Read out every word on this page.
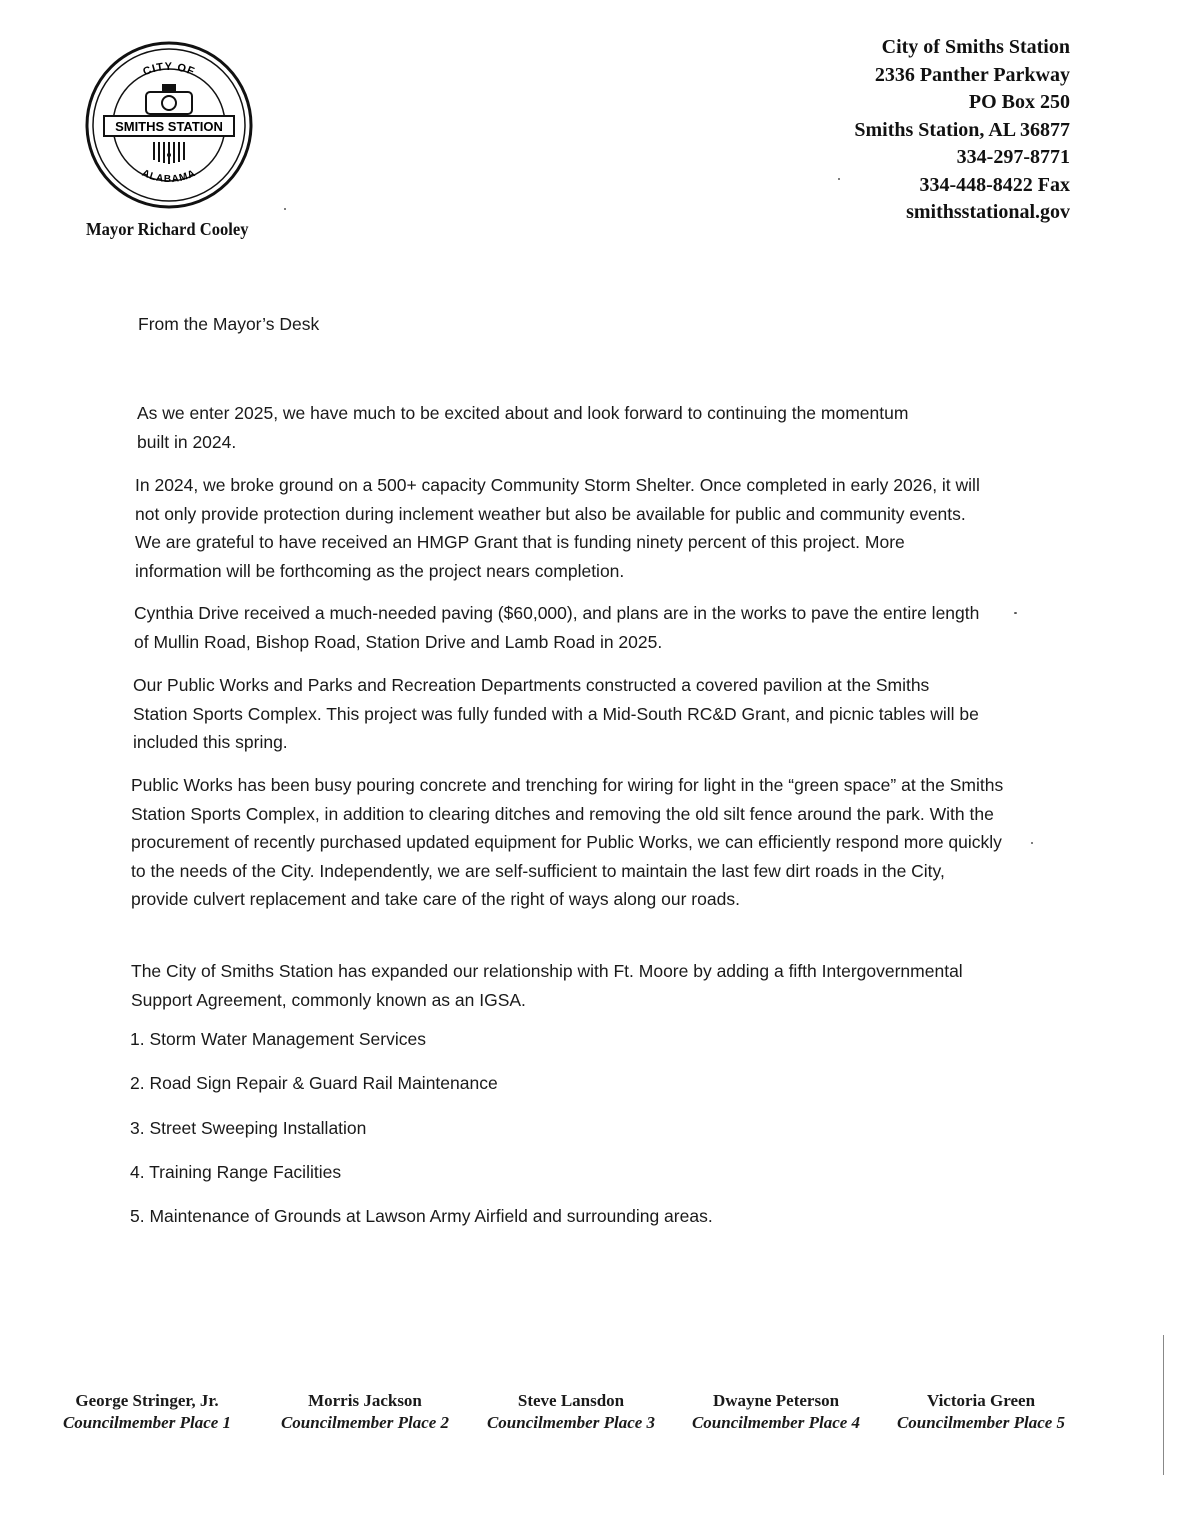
CITY OF
ALABAMA
SMITHS STATION
Mayor Richard Cooley
City of Smiths Station
2336 Panther Parkway
PO Box 250
Smiths Station, AL 36877
334-297-8771
334-448-8422 Fax
smithsstational.gov
From the Mayor’s Desk
As we enter 2025, we have much to be excited about and look forward to continuing the momentum built in 2024.
In 2024, we broke ground on a 500+ capacity Community Storm Shelter. Once completed in early 2026, it will not only provide protection during inclement weather but also be available for public and community events. We are grateful to have received an HMGP Grant that is funding ninety percent of this project. More information will be forthcoming as the project nears completion.
Cynthia Drive received a much-needed paving ($60,000), and plans are in the works to pave the entire length of Mullin Road, Bishop Road, Station Drive and Lamb Road in 2025.
Our Public Works and Parks and Recreation Departments constructed a covered pavilion at the Smiths Station Sports Complex. This project was fully funded with a Mid-South RC&D Grant, and picnic tables will be included this spring.
Public Works has been busy pouring concrete and trenching for wiring for light in the “green space” at the Smiths Station Sports Complex, in addition to clearing ditches and removing the old silt fence around the park. With the procurement of recently purchased updated equipment for Public Works, we can efficiently respond more quickly to the needs of the City. Independently, we are self-sufficient to maintain the last few dirt roads in the City, provide culvert replacement and take care of the right of ways along our roads.
The City of Smiths Station has expanded our relationship with Ft. Moore by adding a fifth Intergovernmental Support Agreement, commonly known as an IGSA.
1. Storm Water Management Services
2. Road Sign Repair & Guard Rail Maintenance
3. Street Sweeping Installation
4. Training Range Facilities
5. Maintenance of Grounds at Lawson Army Airfield and surrounding areas.
George Stringer, Jr.
Councilmember Place 1
Morris Jackson
Councilmember Place 2
Steve Lansdon
Councilmember Place 3
Dwayne Peterson
Councilmember Place 4
Victoria Green
Councilmember Place 5
